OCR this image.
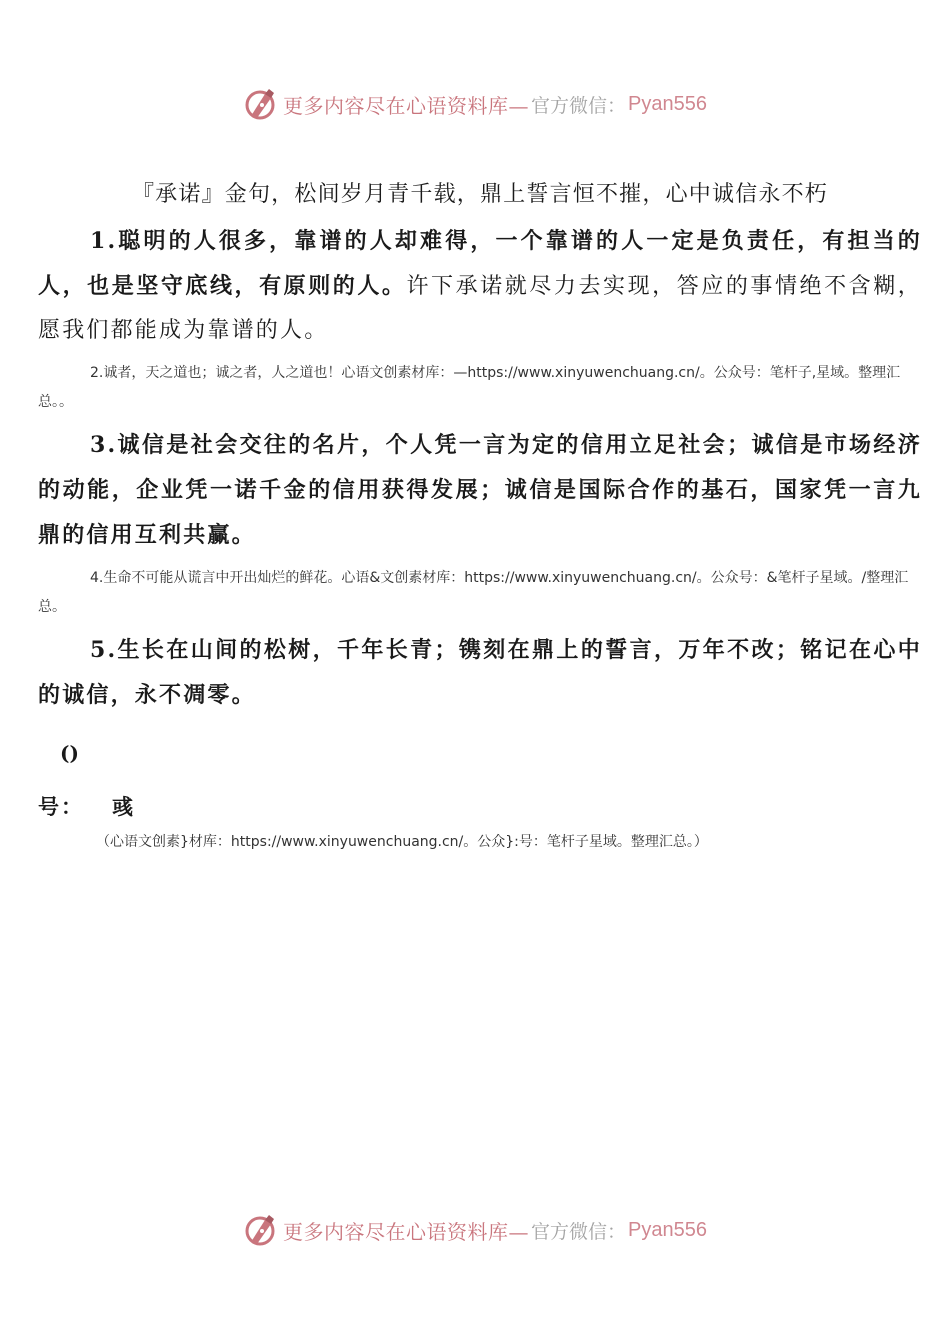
更多内容尽在心语资料库— 官方微信： Pyan556

『承诺』金句，松间岁月青千载，鼎上誓言恒不摧，心中诚信永不朽

1.聪明的人很多，靠谱的人却难得，一个靠谱的人一定是负责任，有担当的人，也是坚守底线，有原则的人。许下承诺就尽力去实现，答应的事情绝不含糊，愿我们都能成为靠谱的人。

2.诚者，天之道也；诚之者，人之道也！心语文创素材库：—https://www.xinyuwenchuang.cn/。公众号：笔杆子,星域。整理汇总。。

3.诚信是社会交往的名片，个人凭一言为定的信用立足社会；诚信是市场经济的动能，企业凭一诺千金的信用获得发展；诚信是国际合作的基石，国家凭一言九鼎的信用互利共赢。

4.生命不可能从谎言中开出灿烂的鲜花。心语&文创素材库：https://www.xinyuwenchuang.cn/。公众号：&笔杆子星域。/整理汇总。

5.生长在山间的松树，千年长青；镌刻在鼎上的誓言，万年不改；铭记在心中的诚信，永不凋零。

()

号： 彧

（心语文创素}材库：https://www.xinyuwenchuang.cn/。公众}:号：笔杆子星域。整理汇总。）

更多内容尽在心语资料库— 官方微信： Pyan556
